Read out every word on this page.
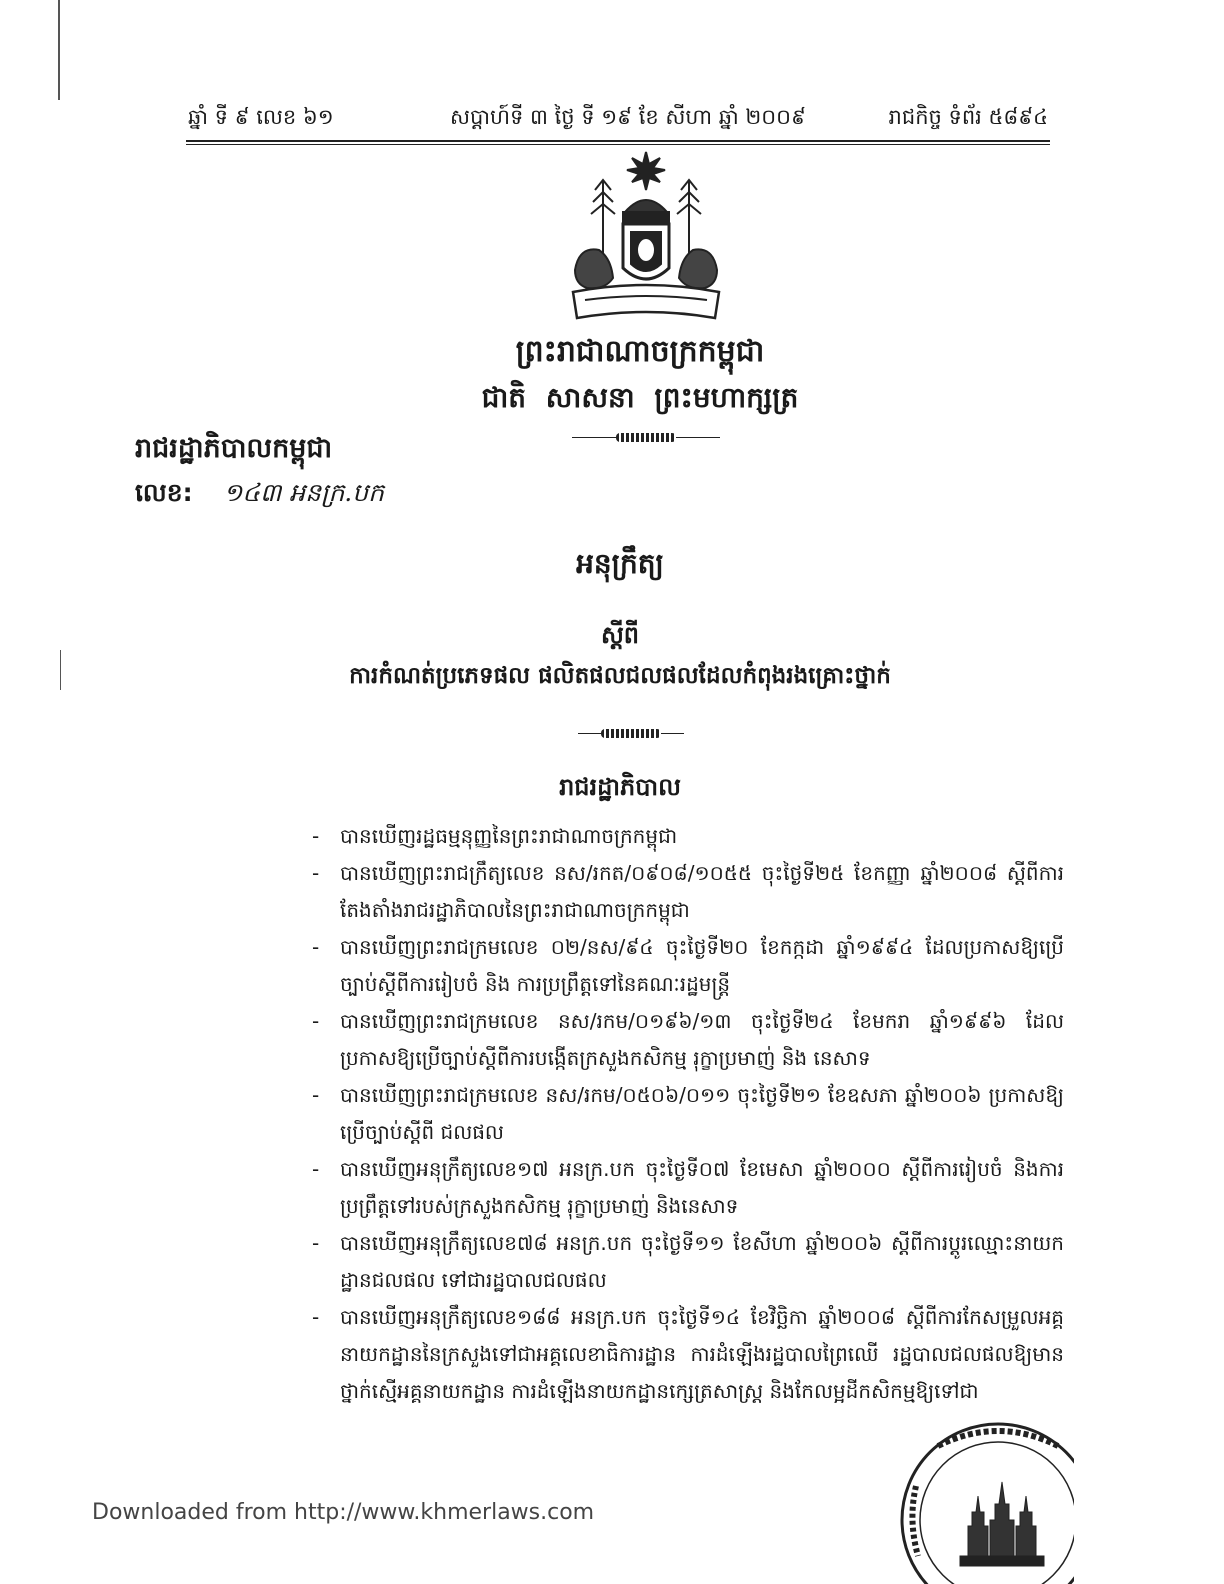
ឆ្នាំ ទី ៩ លេខ ៦១	សប្តាហ៍ទី ៣ ថ្ងៃ ទី ១៩ ខែ សីហា ឆ្នាំ ២០០៩	រាជកិច្ច ទំព័រ ៥៨៩៤
ព្រះរាជាណាចក្រកម្ពុជា
ជាតិ សាសនា ព្រះមហាក្សត្រ
រាជរដ្ឋាភិបាលកម្ពុជា
លេខ: ១៤៣ អនក្រ.បក
អនុក្រឹត្យ
ស្តីពី
ការកំណត់ប្រភេទផល ផលិតផលជលផលដែលកំពុងរងគ្រោះថ្នាក់
រាជរដ្ឋាភិបាល
- បានឃើញរដ្ឋធម្មនុញ្ញនៃព្រះរាជាណាចក្រកម្ពុជា
- បានឃើញព្រះរាជក្រឹត្យលេខ នស/រកត/០៩០៨/១០៥៥ ចុះថ្ងៃទី២៥ ខែកញ្ញា ឆ្នាំ២០០៨ ស្តីពីការតែងតាំងរាជរដ្ឋាភិបាលនៃព្រះរាជាណាចក្រកម្ពុជា
- បានឃើញព្រះរាជក្រមលេខ ០២/នស/៩៤ ចុះថ្ងៃទី២០ ខែកក្កដា ឆ្នាំ១៩៩៤ ដែលប្រកាសឱ្យប្រើច្បាប់ស្តីពីការរៀបចំ និង ការប្រព្រឹត្តទៅនៃគណៈរដ្ឋមន្ត្រី
- បានឃើញព្រះរាជក្រមលេខ នស/រកម/០១៩៦/១៣ ចុះថ្ងៃទី២៤ ខែមករា ឆ្នាំ១៩៩៦ ដែលប្រកាសឱ្យប្រើច្បាប់ស្តីពីការបង្កើតក្រសួងកសិកម្ម រុក្ខាប្រមាញ់ និង នេសាទ
- បានឃើញព្រះរាជក្រមលេខ នស/រកម/០៥០៦/០១១ ចុះថ្ងៃទី២១ ខែឧសភា ឆ្នាំ២០០៦ ប្រកាសឱ្យប្រើច្បាប់ស្តីពី ជលផល
- បានឃើញអនុក្រឹត្យលេខ១៧ អនក្រ.បក ចុះថ្ងៃទី០៧ ខែមេសា ឆ្នាំ២០០០ ស្តីពីការរៀបចំ និងការប្រព្រឹត្តទៅរបស់ក្រសួងកសិកម្ម រុក្ខាប្រមាញ់ និងនេសាទ
- បានឃើញអនុក្រឹត្យលេខ៧៨ អនក្រ.បក ចុះថ្ងៃទី១១ ខែសីហា ឆ្នាំ២០០៦ ស្តីពីការប្តូរឈ្មោះនាយកដ្ឋានជលផល ទៅជារដ្ឋបាលជលផល
- បានឃើញអនុក្រឹត្យលេខ១៨៨ អនក្រ.បក ចុះថ្ងៃទី១៤ ខែវិច្ឆិកា ឆ្នាំ២០០៨ ស្តីពីការកែសម្រួលអគ្គនាយកដ្ឋាននៃក្រសួងទៅជាអគ្គលេខាធិការដ្ឋាន ការដំឡើងរដ្ឋបាលព្រៃឈើ រដ្ឋបាលជលផលឱ្យមានថ្នាក់ស្មើអគ្គនាយកដ្ឋាន ការដំឡើងនាយកដ្ឋានក្សេត្រសាស្ត្រ និងកែលម្អដីកសិកម្មឱ្យទៅជា
Downloaded from http://www.khmerlaws.com
